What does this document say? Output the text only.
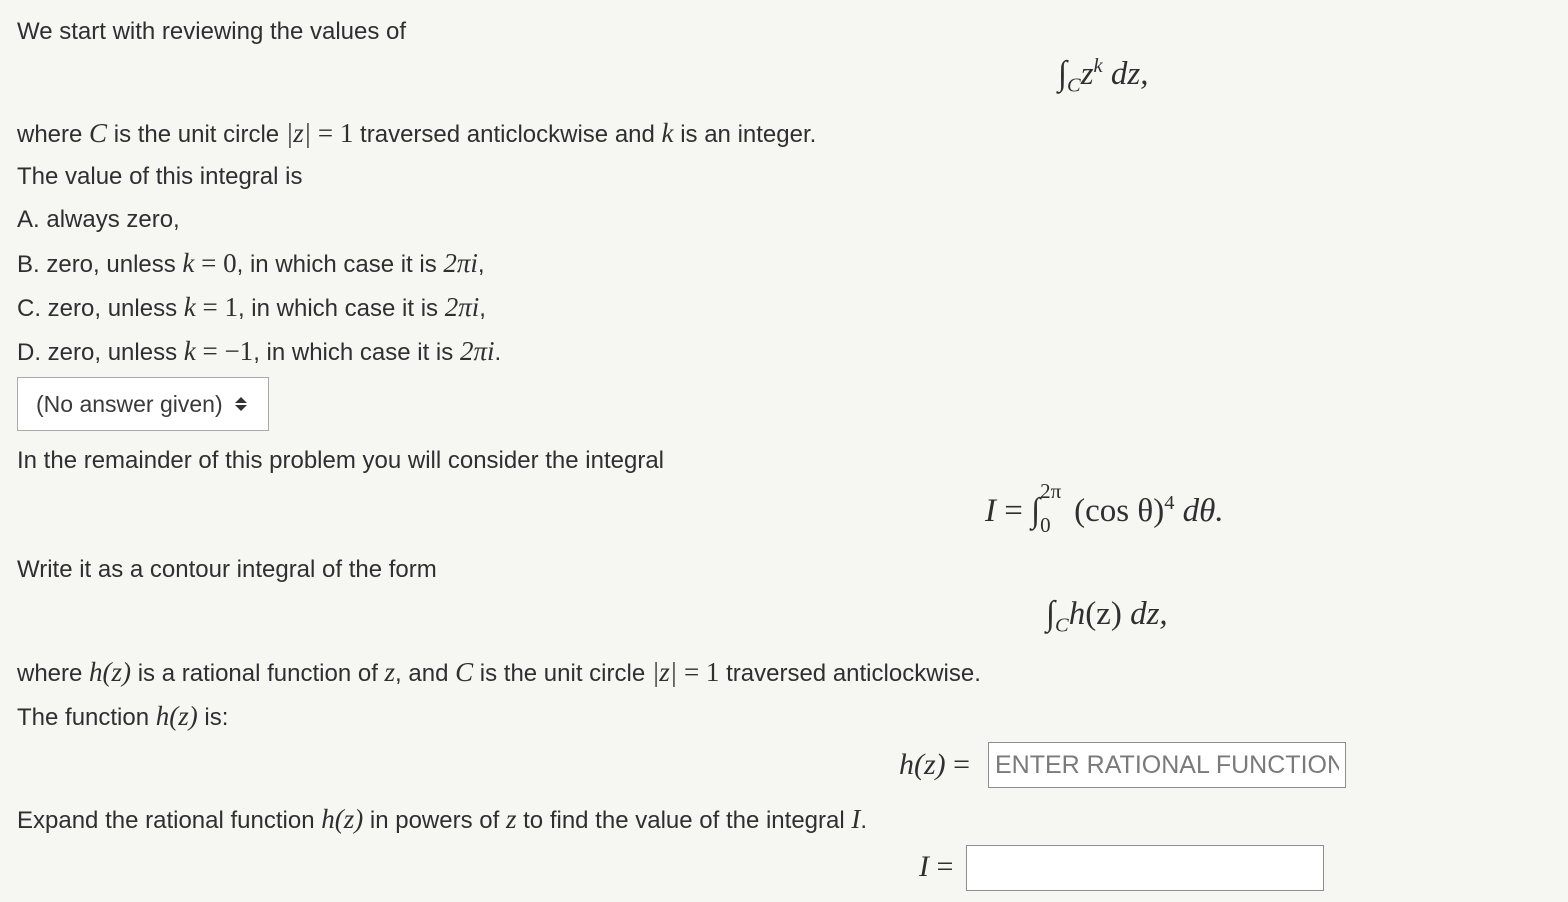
We start with reviewing the values of
$\int_Cz^k$ dz,
where C is the unit circle |z| = 1 traversed anticlockwise and k is an integer.
The value of this integral is
A. always zero,
B. zero, unless k = 0, in which case it is 2πi,
C. zero, unless k = 1, in which case it is 2πi,
D. zero, unless k = −1, in which case it is 2πi.
(No answer given)
In the remainder of this problem you will consider the integral
I = ∫
2π
0 (cos θ)$^4$ dθ.
Write it as a contour integral of the form
$\int_Ch(z)$ dz,
where h(z) is a rational function of z, and C is the unit circle |z| = 1 traversed anticlockwise.
The function h(z) is:
h(z) =
ENTER RATIONAL FUNCTION
Expand the rational function h(z) in powers of z to find the value of the integral I.
I =
